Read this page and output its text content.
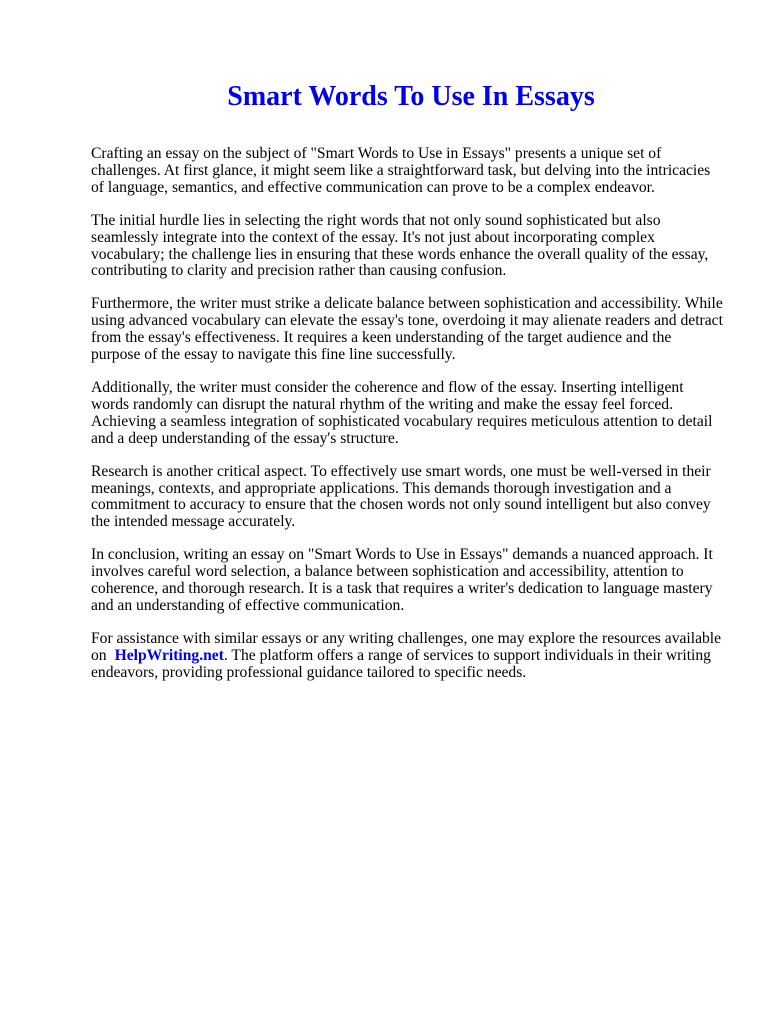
Smart Words To Use In Essays

Crafting an essay on the subject of "Smart Words to Use in Essays" presents a unique set of challenges. At first glance, it might seem like a straightforward task, but delving into the intricacies of language, semantics, and effective communication can prove to be a complex endeavor.

The initial hurdle lies in selecting the right words that not only sound sophisticated but also seamlessly integrate into the context of the essay. It's not just about incorporating complex vocabulary; the challenge lies in ensuring that these words enhance the overall quality of the essay, contributing to clarity and precision rather than causing confusion.

Furthermore, the writer must strike a delicate balance between sophistication and accessibility. While using advanced vocabulary can elevate the essay's tone, overdoing it may alienate readers and detract from the essay's effectiveness. It requires a keen understanding of the target audience and the purpose of the essay to navigate this fine line successfully.

Additionally, the writer must consider the coherence and flow of the essay. Inserting intelligent words randomly can disrupt the natural rhythm of the writing and make the essay feel forced. Achieving a seamless integration of sophisticated vocabulary requires meticulous attention to detail and a deep understanding of the essay's structure.

Research is another critical aspect. To effectively use smart words, one must be well-versed in their meanings, contexts, and appropriate applications. This demands thorough investigation and a commitment to accuracy to ensure that the chosen words not only sound intelligent but also convey the intended message accurately.

In conclusion, writing an essay on "Smart Words to Use in Essays" demands a nuanced approach. It involves careful word selection, a balance between sophistication and accessibility, attention to coherence, and thorough research. It is a task that requires a writer's dedication to language mastery and an understanding of effective communication.

For assistance with similar essays or any writing challenges, one may explore the resources available on HelpWriting.net. The platform offers a range of services to support individuals in their writing endeavors, providing professional guidance tailored to specific needs.
